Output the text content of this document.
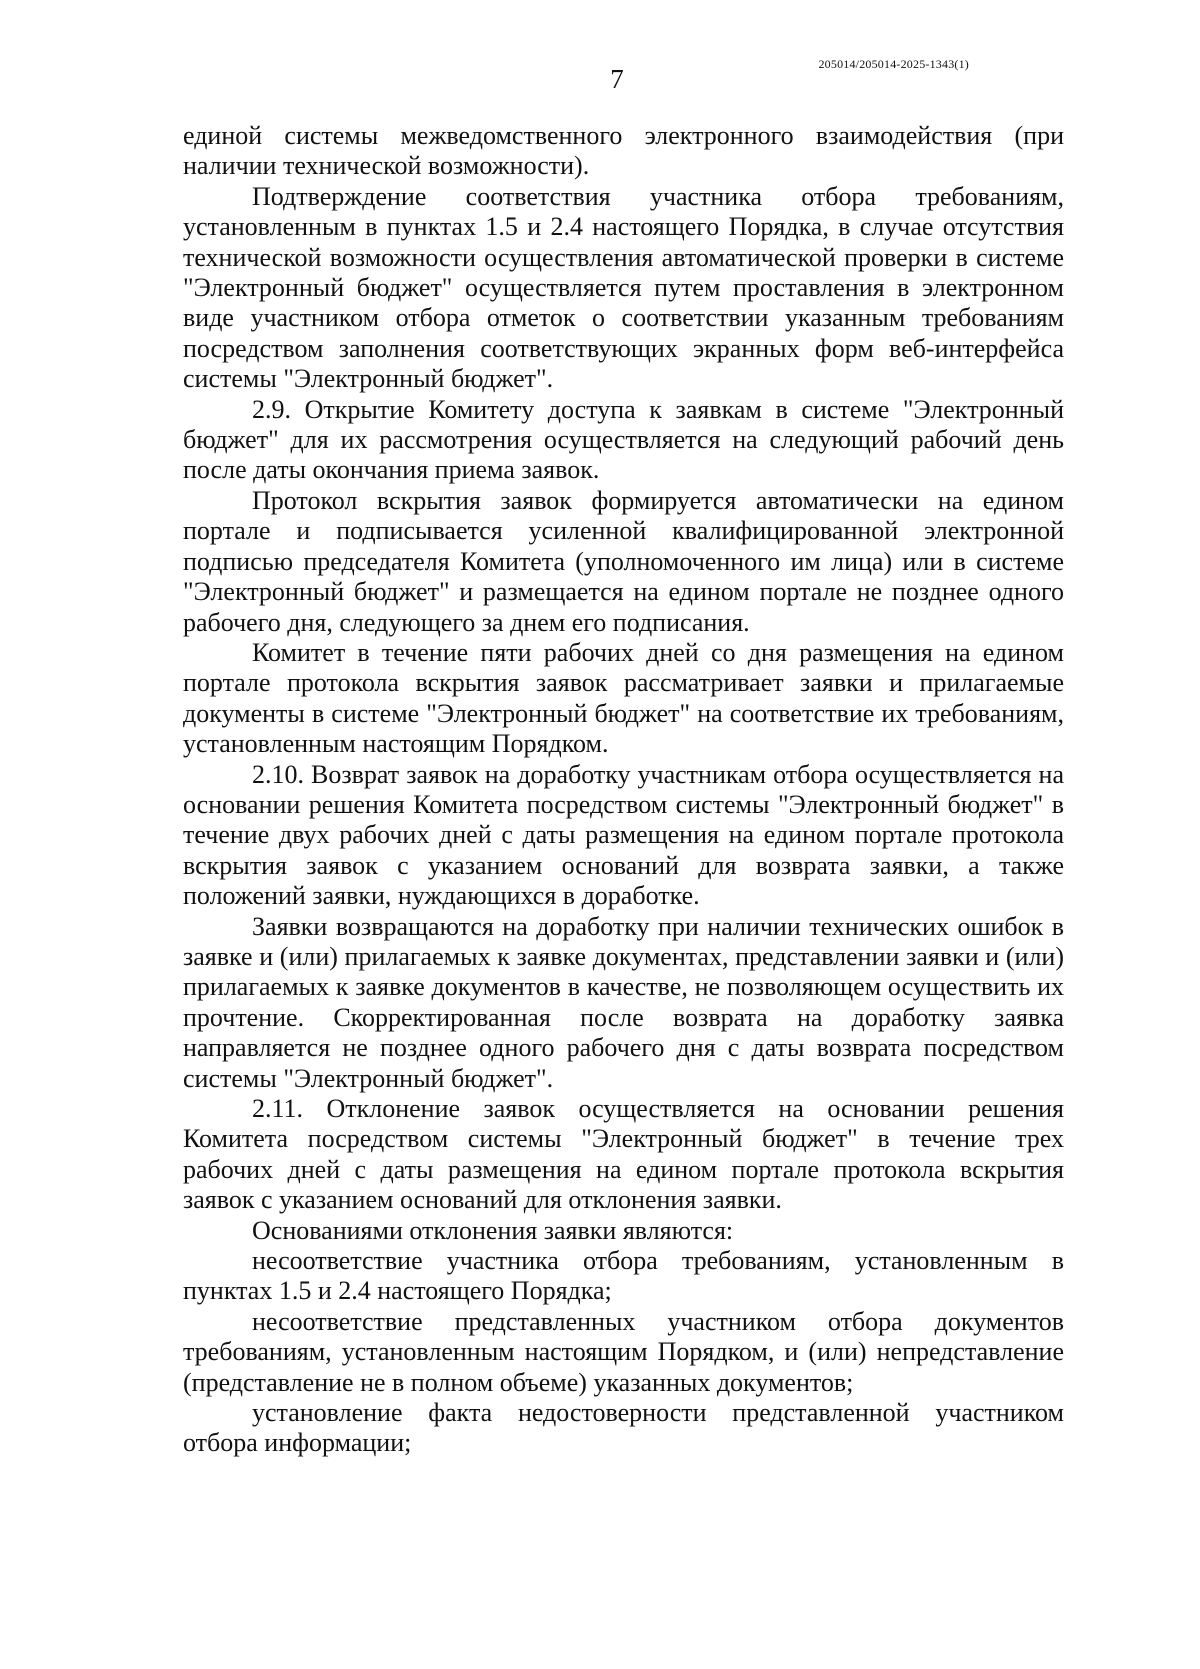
7	205014/205014-2025-1343(1)

единой системы межведомственного электронного взаимодействия (при наличии технической возможности).

Подтверждение соответствия участника отбора требованиям, установленным в пунктах 1.5 и 2.4 настоящего Порядка, в случае отсутствия технической возможности осуществления автоматической проверки в системе "Электронный бюджет" осуществляется путем проставления в электронном виде участником отбора отметок о соответствии указанным требованиям посредством заполнения соответствующих экранных форм веб-интерфейса системы "Электронный бюджет".

2.9. Открытие Комитету доступа к заявкам в системе "Электронный бюджет" для их рассмотрения осуществляется на следующий рабочий день после даты окончания приема заявок.

Протокол вскрытия заявок формируется автоматически на едином портале и подписывается усиленной квалифицированной электронной подписью председателя Комитета (уполномоченного им лица) или в системе "Электронный бюджет" и размещается на едином портале не позднее одного рабочего дня, следующего за днем его подписания.

Комитет в течение пяти рабочих дней со дня размещения на едином портале протокола вскрытия заявок рассматривает заявки и прилагаемые документы в системе "Электронный бюджет" на соответствие их требованиям, установленным настоящим Порядком.

2.10. Возврат заявок на доработку участникам отбора осуществляется на основании решения Комитета посредством системы "Электронный бюджет" в течение двух рабочих дней с даты размещения на едином портале протокола вскрытия заявок с указанием оснований для возврата заявки, а также положений заявки, нуждающихся в доработке.

Заявки возвращаются на доработку при наличии технических ошибок в заявке и (или) прилагаемых к заявке документах, представлении заявки и (или) прилагаемых к заявке документов в качестве, не позволяющем осуществить их прочтение. Скорректированная после возврата на доработку заявка направляется не позднее одного рабочего дня с даты возврата посредством системы "Электронный бюджет".

2.11. Отклонение заявок осуществляется на основании решения Комитета посредством системы "Электронный бюджет" в течение трех рабочих дней с даты размещения на едином портале протокола вскрытия заявок с указанием оснований для отклонения заявки.

Основаниями отклонения заявки являются:

несоответствие участника отбора требованиям, установленным в пунктах 1.5 и 2.4 настоящего Порядка;

несоответствие представленных участником отбора документов требованиям, установленным настоящим Порядком, и (или) непредставление (представление не в полном объеме) указанных документов;

установление факта недостоверности представленной участником отбора информации;
